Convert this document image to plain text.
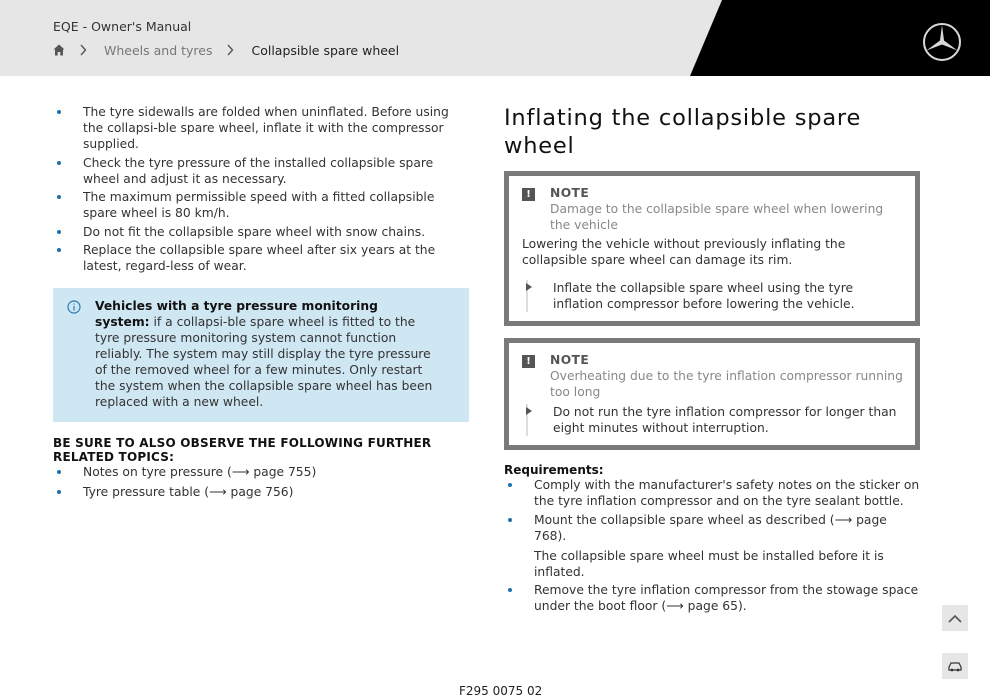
EQE - Owner's Manual
Wheels and tyres	Collapsible spare wheel
The tyre sidewalls are folded when uninflated. Before using the collapsi-ble spare wheel, inflate it with the compressor supplied.
Check the tyre pressure of the installed collapsible spare wheel and adjust it as necessary.
The maximum permissible speed with a fitted collapsible spare wheel is 80 km/h.
Do not fit the collapsible spare wheel with snow chains.
Replace the collapsible spare wheel after six years at the latest, regard-less of wear.
Vehicles with a tyre pressure monitoring system: if a collapsi-ble spare wheel is fitted to the tyre pressure monitoring system cannot function reliably. The system may still display the tyre pressure of the removed wheel for a few minutes. Only restart the system when the collapsible spare wheel has been replaced with a new wheel.
BE SURE TO ALSO OBSERVE THE FOLLOWING FURTHER RELATED TOPICS:
Notes on tyre pressure (⟶ page 755)
Tyre pressure table (⟶ page 756)
Inflating the collapsible spare wheel
!	NOTE
Damage to the collapsible spare wheel when lowering the vehicle
Lowering the vehicle without previously inflating the collapsible spare wheel can damage its rim.
Inflate the collapsible spare wheel using the tyre inflation compressor before lowering the vehicle.
!	NOTE
Overheating due to the tyre inflation compressor running too long
Do not run the tyre inflation compressor for longer than eight minutes without interruption.
Requirements:
Comply with the manufacturer's safety notes on the sticker on the tyre inflation compressor and on the tyre sealant bottle.
Mount the collapsible spare wheel as described (⟶ page 768).
The collapsible spare wheel must be installed before it is inflated.
Remove the tyre inflation compressor from the stowage space under the boot floor (⟶ page 65).
F295 0075 02
